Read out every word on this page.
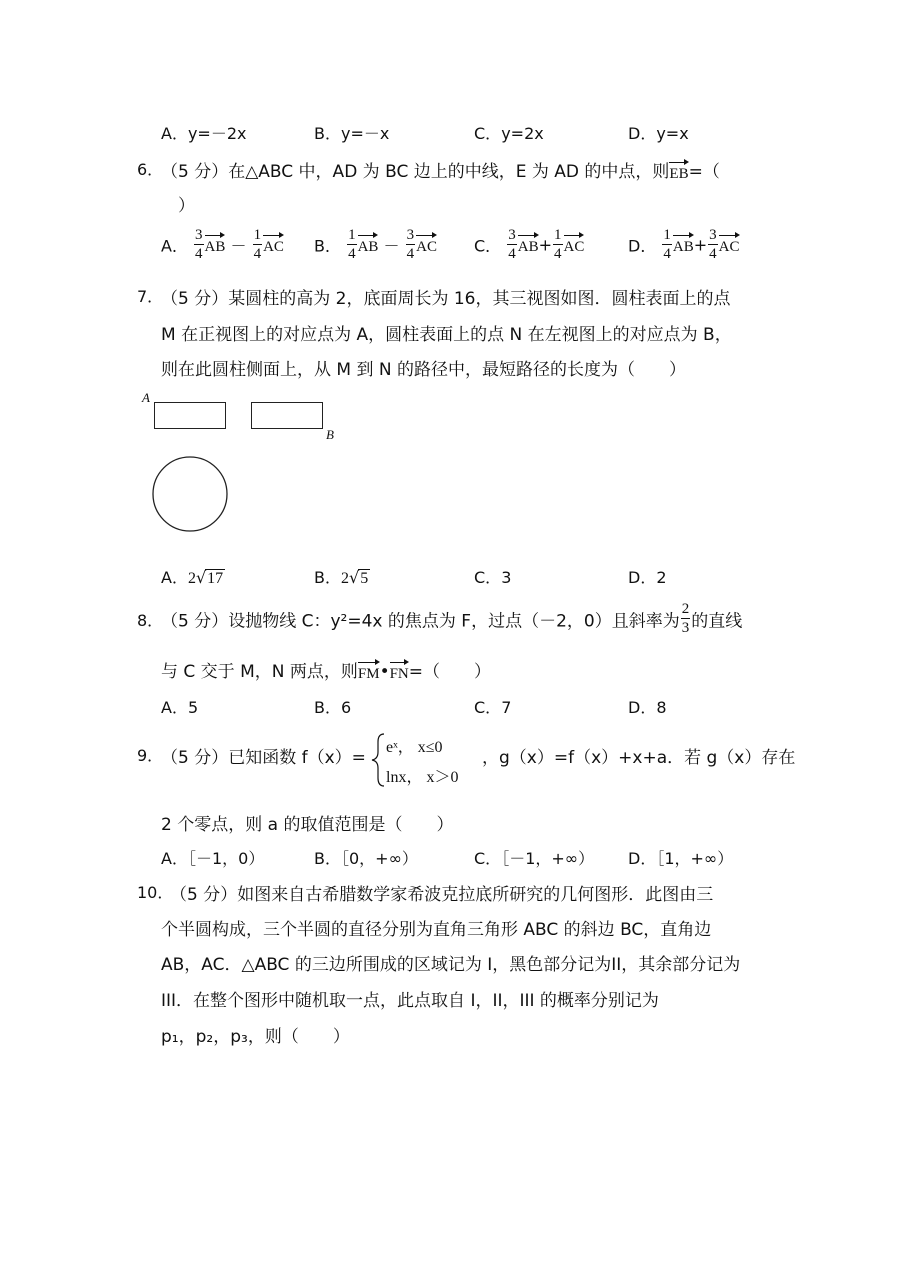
A．y=－2x	B．y=－x	C．y=2x	D．y=x
6．
（5 分）在△ABC 中，AD 为 BC 边上的中线，E 为 AD 的中点，则EB=（
）
A． $\frac{3}{4}$ AB － $\frac{1}{4}$ AC B． $\frac{1}{4}$ AB － $\frac{3}{4}$ AC C． $\frac{3}{4} AB+ \frac{1}{4}$ AC	D． $\frac{1}{4} AB+ \frac{3}{4}$ AC
7．
（5 分）某圆柱的高为 2，底面周长为 16，其三视图如图．圆柱表面上的点
M 在正视图上的对应点为 A，圆柱表面上的点 N 在左视图上的对应点为 B，
则在此圆柱侧面上，从 M 到 N 的路径中，最短路径的长度为（　　）
A
B
A．2√17	B．2√5	C．3	D．2
8．
（5 分）设抛物线 C：y²=4x 的焦点为 F，过点（－2，0）且斜率为 $\frac{2}{3}$ 的直线
与 C 交于 M，N 两点，则FM•FN=（　　）
A．5	B．6	C．7	D．8
9．
（5 分）已知函数 f（x）=
eˣ， x≤0
lnx， x＞0
，g（x）=f（x）+x+a．若 g（x）存在
2 个零点，则 a 的取值范围是（　　）
A．［－1，0）	B．［0，+∞）	C．［－1，+∞） D．［1，+∞）
10．
（5 分）如图来自古希腊数学家希波克拉底所研究的几何图形．此图由三
个半圆构成，三个半圆的直径分别为直角三角形 ABC 的斜边 BC，直角边
AB，AC．△ABC 的三边所围成的区域记为 I，黑色部分记为II，其余部分记为
III．在整个图形中随机取一点，此点取自 I，II，III 的概率分别记为
p₁，p₂，p₃，则（　　）
